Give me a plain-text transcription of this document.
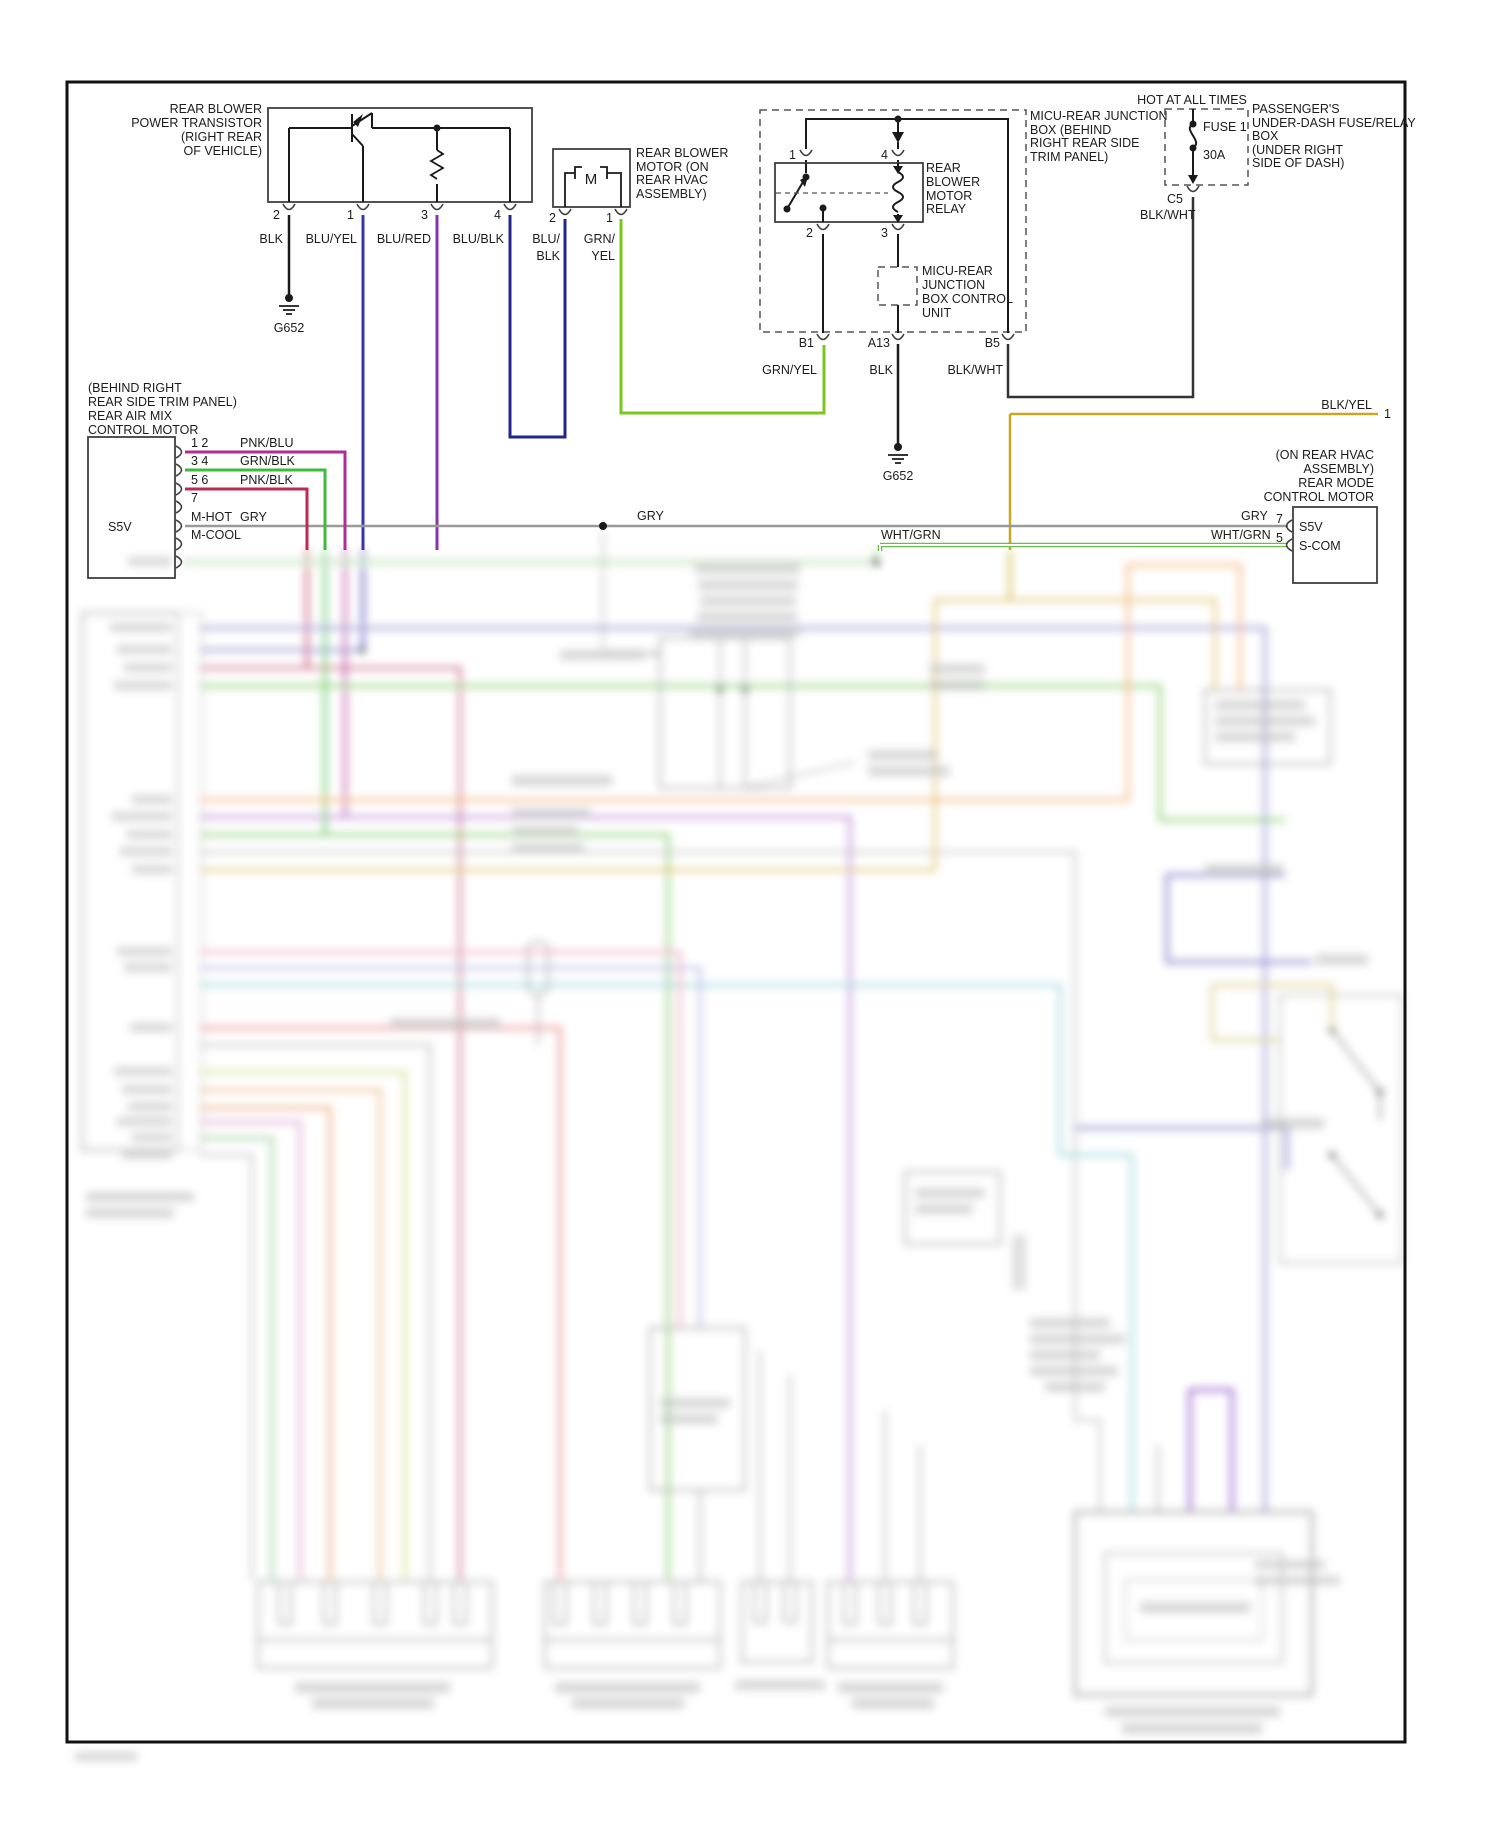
REAR BLOWER
POWER TRANSISTOR
(RIGHT REAR
OF VEHICLE)
2	1	3	4
BLK BLU/YEL BLU/RED BLU/BLK
G652
REAR BLOWER
MOTOR (ON
REAR HVAC
ASSEMBLY)
M
2	1
BLU/
BLK
GRN/
YEL
MICU-REAR JUNCTION
BOX (BEHIND
RIGHT REAR SIDE
TRIM PANEL)
1	4
REAR
BLOWER
MOTOR
RELAY
2	3
MICU-REAR
JUNCTION
BOX CONTROL
UNIT
B1	A13	B5
GRN/YEL	BLK	BLK/WHT
G652
HOT AT ALL TIMES
FUSE 1
30A
PASSENGER'S
UNDER-DASH FUSE/RELAY
BOX
(UNDER RIGHT
SIDE OF DASH)
C5
BLK/WHT
BLK/YEL
1
GRY
WHT/GRN
GRY
WHT/GRN
(BEHIND RIGHT
REAR SIDE TRIM PANEL)
REAR AIR MIX
CONTROL MOTOR
1 2
3 4
5 6
7
M-HOT
M-COOL
PNK/BLU
GRN/BLK
PNK/BLK
GRY
S5V
(ON REAR HVAC
ASSEMBLY)
REAR MODE
CONTROL MOTOR
7
5
S5V
S-COM
